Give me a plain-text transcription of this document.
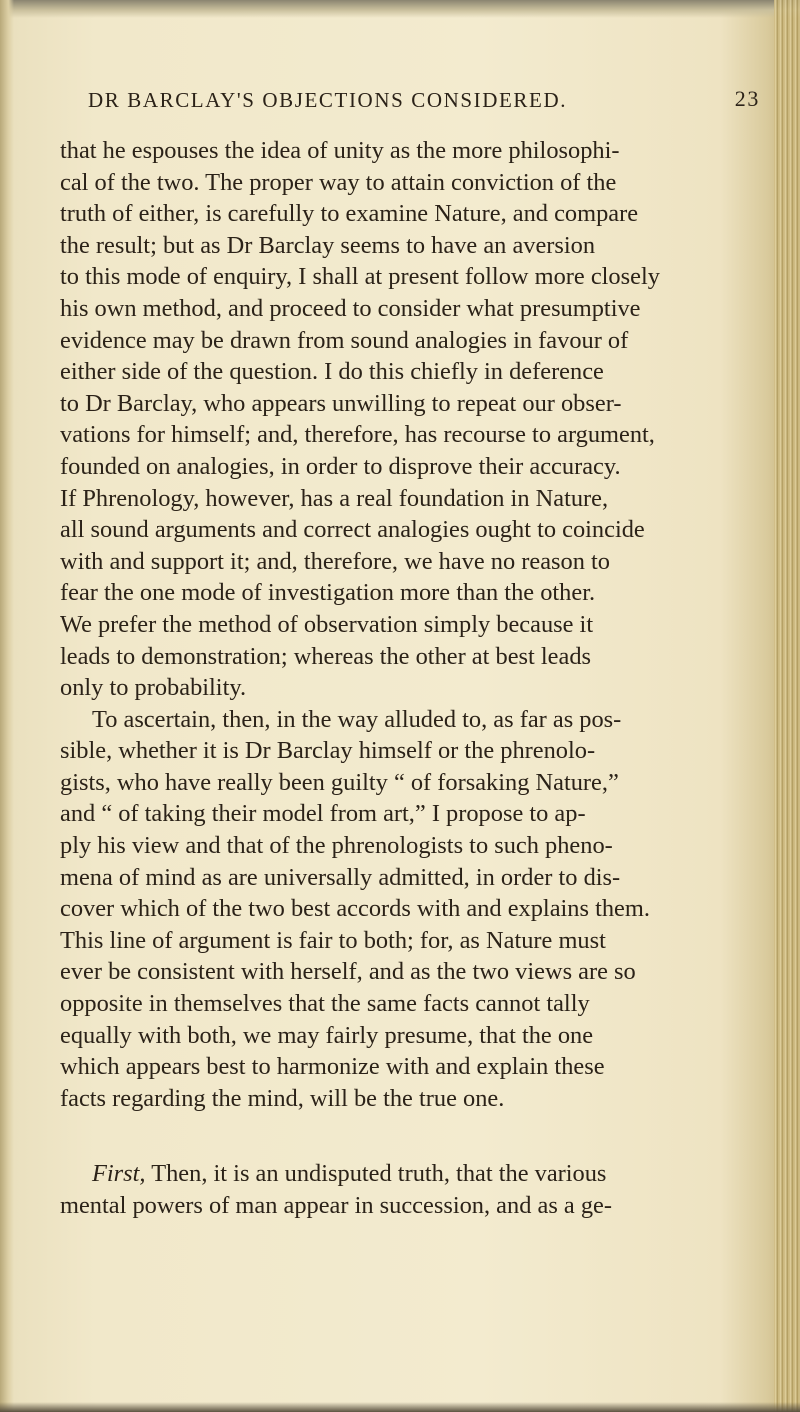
DR BARCLAY'S OBJECTIONS CONSIDERED.	23
that he espouses the idea of unity as the more philosophi-
cal of the two. The proper way to attain conviction of the
truth of either, is carefully to examine Nature, and compare
the result; but as Dr Barclay seems to have an aversion
to this mode of enquiry, I shall at present follow more closely
his own method, and proceed to consider what presumptive
evidence may be drawn from sound analogies in favour of
either side of the question. I do this chiefly in deference
to Dr Barclay, who appears unwilling to repeat our obser-
vations for himself; and, therefore, has recourse to argument,
founded on analogies, in order to disprove their accuracy.
If Phrenology, however, has a real foundation in Nature,
all sound arguments and correct analogies ought to coincide
with and support it; and, therefore, we have no reason to
fear the one mode of investigation more than the other.
We prefer the method of observation simply because it
leads to demonstration; whereas the other at best leads
only to probability.
To ascertain, then, in the way alluded to, as far as pos-
sible, whether it is Dr Barclay himself or the phrenolo-
gists, who have really been guilty “ of forsaking Nature,”
and “ of taking their model from art,” I propose to ap-
ply his view and that of the phrenologists to such pheno-
mena of mind as are universally admitted, in order to dis-
cover which of the two best accords with and explains them.
This line of argument is fair to both; for, as Nature must
ever be consistent with herself, and as the two views are so
opposite in themselves that the same facts cannot tally
equally with both, we may fairly presume, that the one
which appears best to harmonize with and explain these
facts regarding the mind, will be the true one.
First, Then, it is an undisputed truth, that the various
mental powers of man appear in succession, and as a ge-
